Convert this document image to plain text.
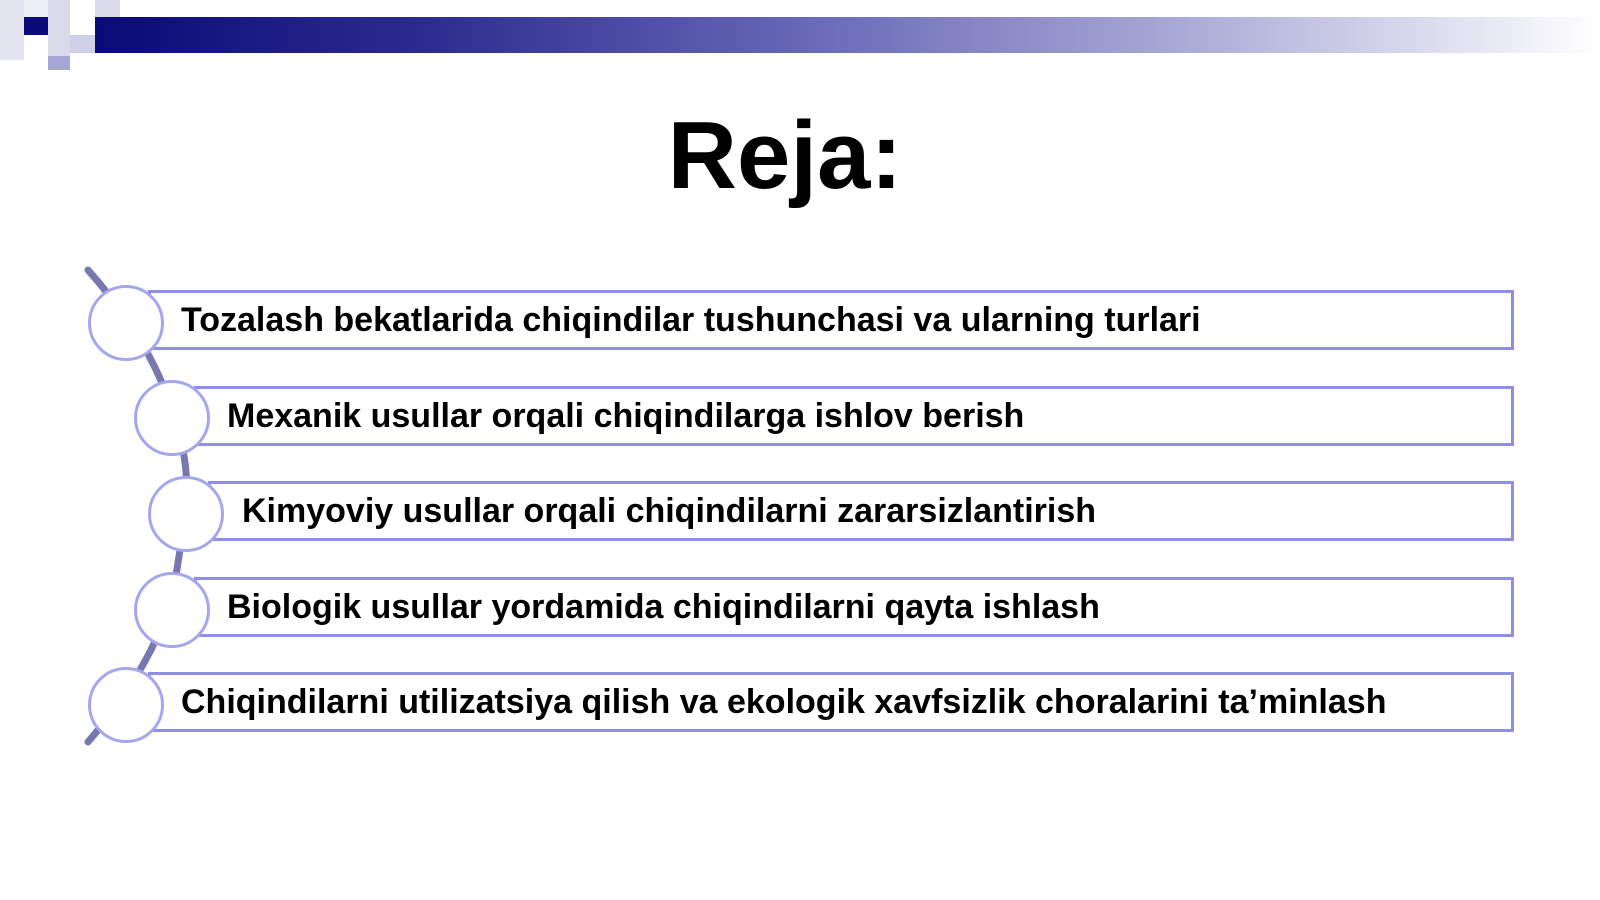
Reja:
Tozalash bekatlarida chiqindilar tushunchasi va ularning turlari
Mexanik usullar orqali chiqindilarga ishlov berish
Kimyoviy usullar orqali chiqindilarni zararsizlantirish
Biologik usullar yordamida chiqindilarni qayta ishlash
Chiqindilarni utilizatsiya qilish va ekologik xavfsizlik choralarini ta’minlash
